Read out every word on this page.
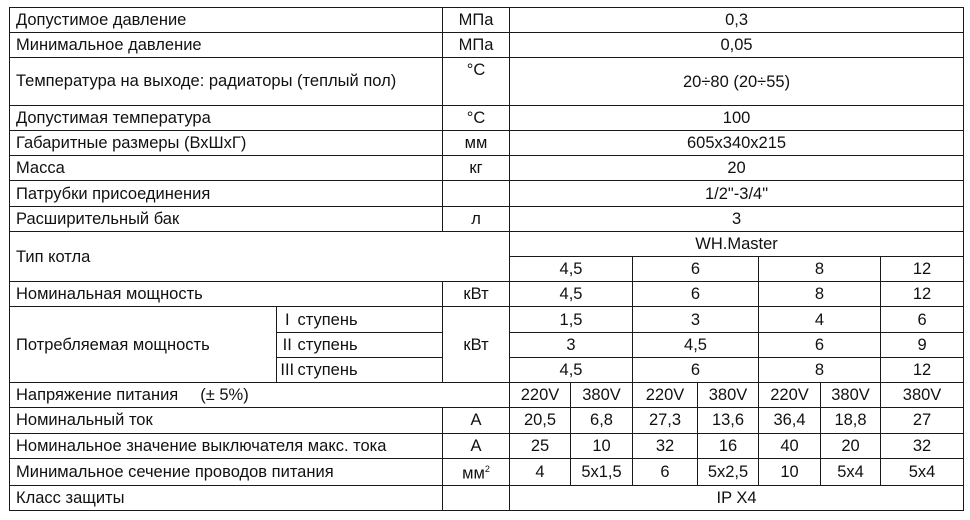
Допустимое давление			МПа	0,3						
Минимальное давление			МПа	0,05						
Температура на выходе: радиаторы (теплый пол)			°С	20÷80 (20÷55)						
Допустимая температура			°С	100						
Габаритные размеры (ВхШхГ)			мм	605x340x215						
Масса			кг	20						
Патрубки присоединения				1/2"-3/4"						
Расширительный бак			л	3						
Тип котла				WH.Master						
				4,5		6		8		12
Номинальная мощность			кВт	4,5		6		8		12
Потребляемая мощность	I	ступень	кВт	1,5		3		4		6
	II	ступень		3		4,5		6		9
	III	ступень		4,5		6		8		12
Напряжение питания (± 5%)				220V	380V	220V	380V	220V	380V	380V
Номинальный ток			А	20,5	6,8	27,3	13,6	36,4	18,8	27
Номинальное значение выключателя макс. тока			А	25	10	32	16	40	20	32
Минимальное сечение проводов питания			$мм^2$	4	5x1,5	6	5x2,5	10	5x4	5x4
Класс защиты				IP X4						
